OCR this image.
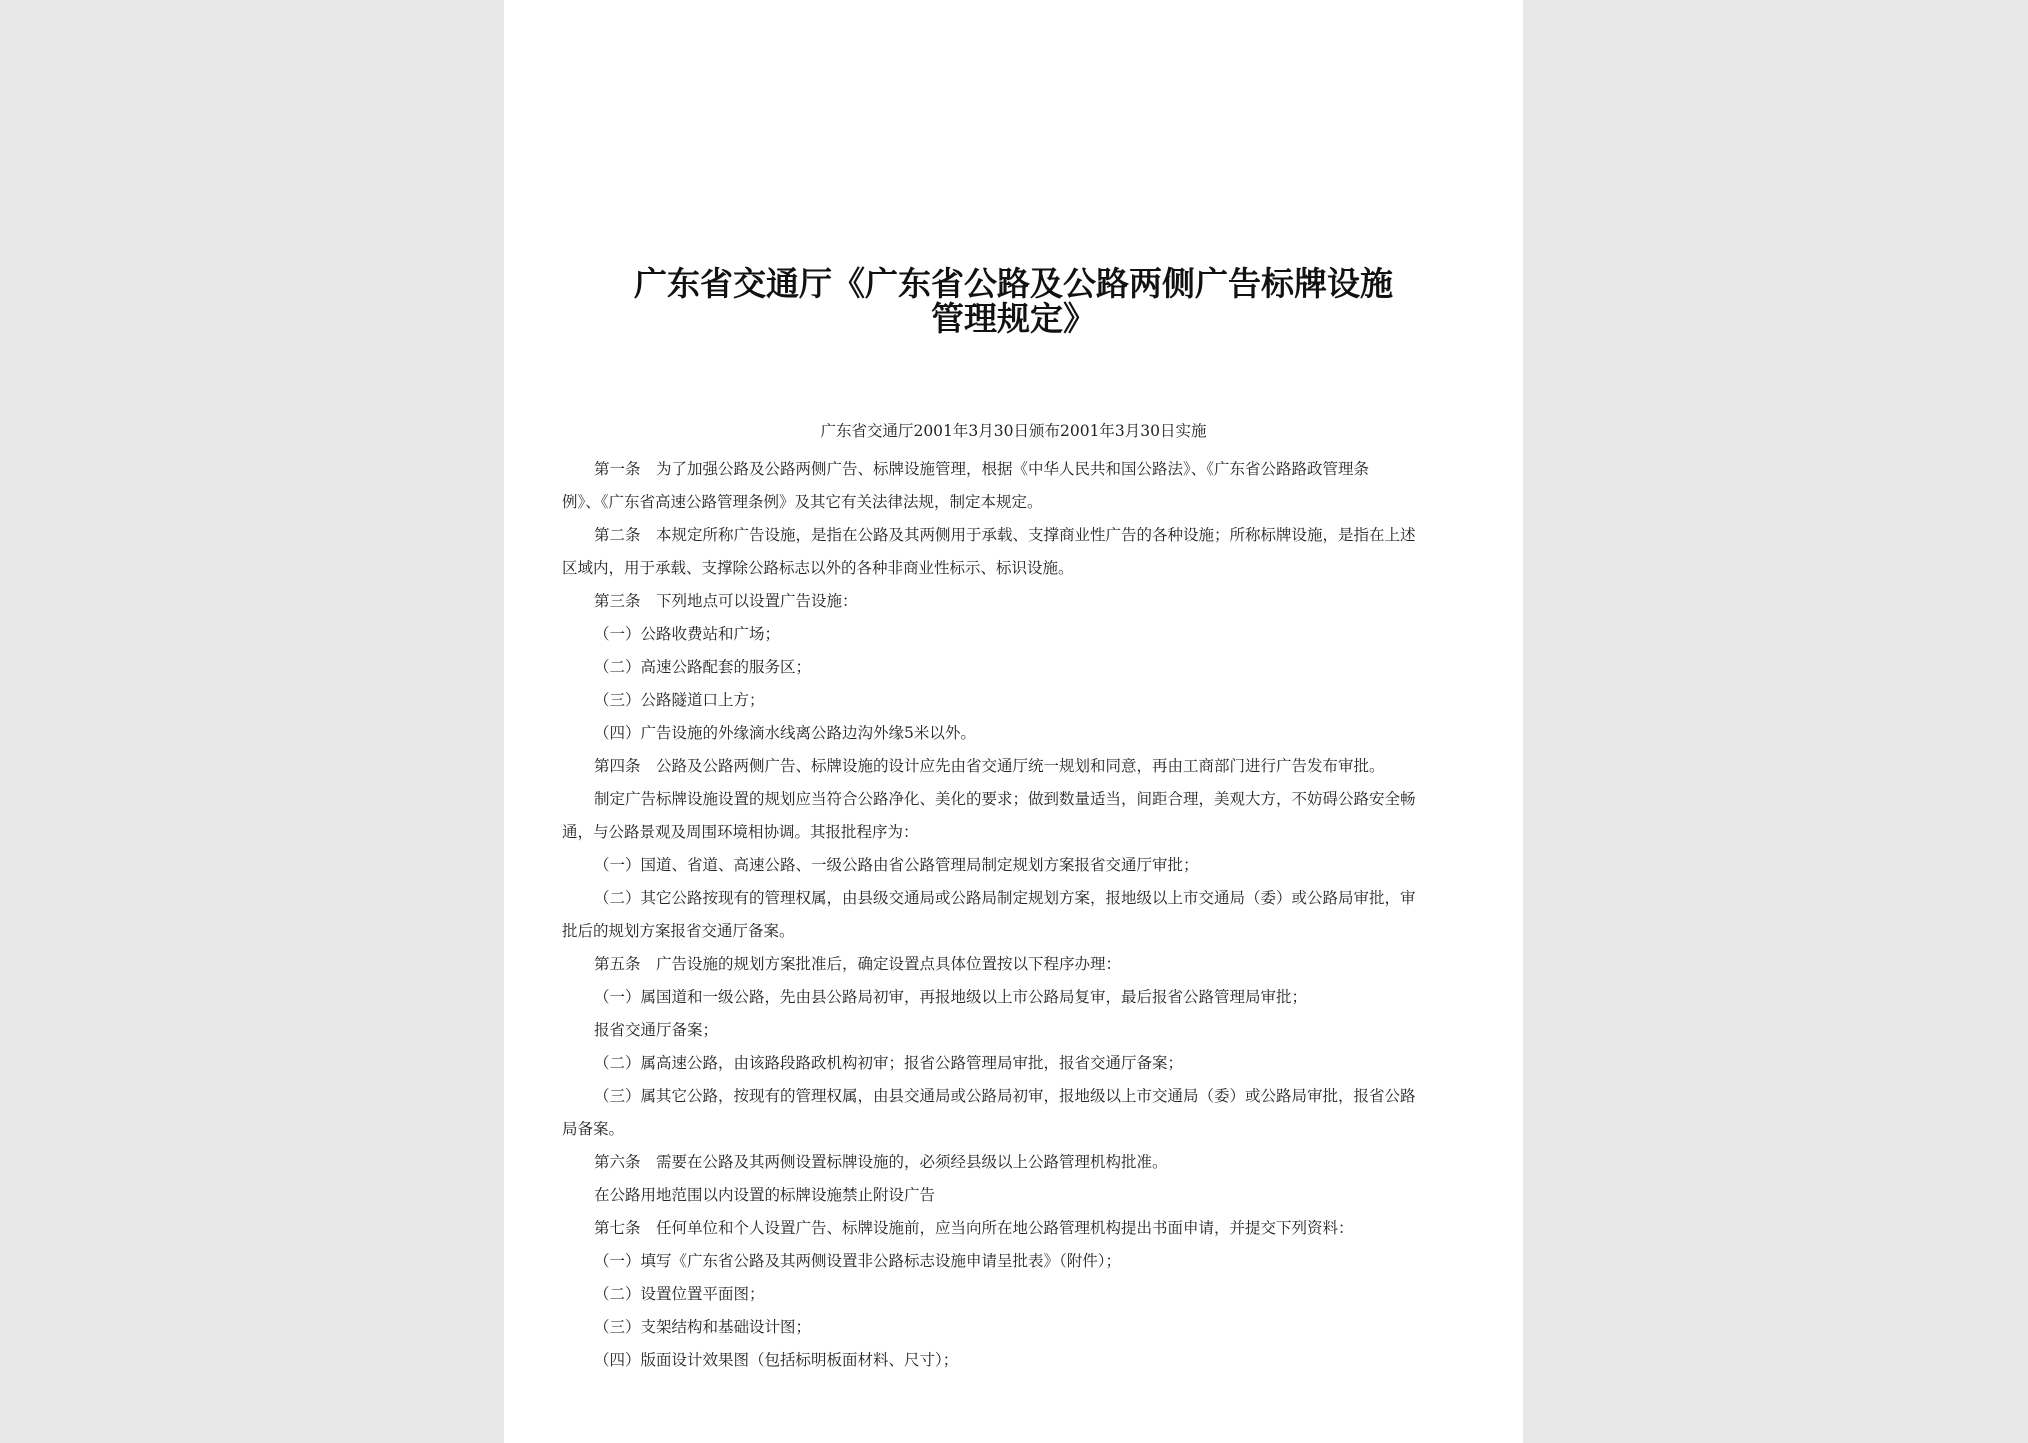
广东省交通厅《广东省公路及公路两侧广告标牌设施
管理规定》
广东省交通厅2001年3月30日颁布2001年3月30日实施

第一条　为了加强公路及公路两侧广告、标牌设施管理，根据《中华人民共和国公路法》、《广东省公路路政管理条

例》、《广东省高速公路管理条例》及其它有关法律法规，制定本规定。

第二条　本规定所称广告设施，是指在公路及其两侧用于承载、支撑商业性广告的各种设施；所称标牌设施，是指在上述

区域内，用于承载、支撑除公路标志以外的各种非商业性标示、标识设施。

第三条　下列地点可以设置广告设施：

（一）公路收费站和广场；

（二）高速公路配套的服务区；

（三）公路隧道口上方；

（四）广告设施的外缘滴水线离公路边沟外缘5米以外。

第四条　公路及公路两侧广告、标牌设施的设计应先由省交通厅统一规划和同意，再由工商部门进行广告发布审批。

制定广告标牌设施设置的规划应当符合公路净化、美化的要求；做到数量适当，间距合理，美观大方，不妨碍公路安全畅

通，与公路景观及周围环境相协调。其报批程序为：

（一）国道、省道、高速公路、一级公路由省公路管理局制定规划方案报省交通厅审批；

（二）其它公路按现有的管理权属，由县级交通局或公路局制定规划方案，报地级以上市交通局（委）或公路局审批，审

批后的规划方案报省交通厅备案。

第五条　广告设施的规划方案批准后，确定设置点具体位置按以下程序办理：

（一）属国道和一级公路，先由县公路局初审，再报地级以上市公路局复审，最后报省公路管理局审批；

报省交通厅备案；

（二）属高速公路，由该路段路政机构初审；报省公路管理局审批，报省交通厅备案；

（三）属其它公路，按现有的管理权属，由县交通局或公路局初审，报地级以上市交通局（委）或公路局审批，报省公路

局备案。

第六条　需要在公路及其两侧设置标牌设施的，必须经县级以上公路管理机构批准。

在公路用地范围以内设置的标牌设施禁止附设广告

第七条　任何单位和个人设置广告、标牌设施前，应当向所在地公路管理机构提出书面申请，并提交下列资料：

（一）填写《广东省公路及其两侧设置非公路标志设施申请呈批表》（附件）；

（二）设置位置平面图；

（三）支架结构和基础设计图；

（四）版面设计效果图（包括标明板面材料、尺寸）；
